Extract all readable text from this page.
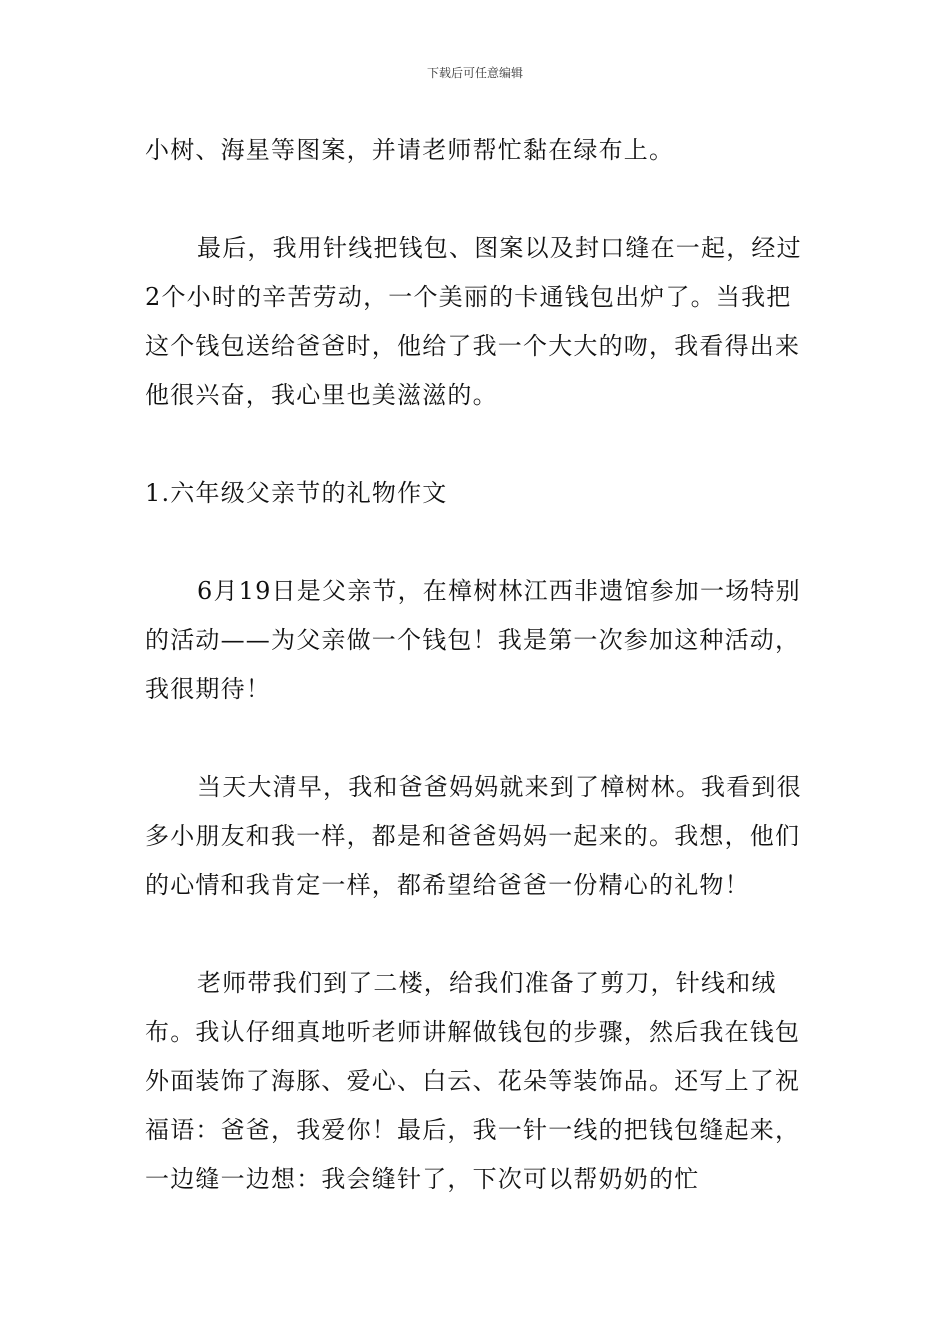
下载后可任意编辑

小树、海星等图案，并请老师帮忙黏在绿布上。

最后，我用针线把钱包、图案以及封口缝在一起，经过2个小时的辛苦劳动，一个美丽的卡通钱包出炉了。当我把这个钱包送给爸爸时，他给了我一个大大的吻，我看得出来他很兴奋，我心里也美滋滋的。

1.六年级父亲节的礼物作文

6月19日是父亲节，在樟树林江西非遗馆参加一场特别的活动——为父亲做一个钱包！我是第一次参加这种活动，我很期待！

当天大清早，我和爸爸妈妈就来到了樟树林。我看到很多小朋友和我一样，都是和爸爸妈妈一起来的。我想，他们的心情和我肯定一样，都希望给爸爸一份精心的礼物！

老师带我们到了二楼，给我们准备了剪刀，针线和绒布。我认仔细真地听老师讲解做钱包的步骤，然后我在钱包外面装饰了海豚、爱心、白云、花朵等装饰品。还写上了祝福语：爸爸，我爱你！最后，我一针一线的把钱包缝起来，一边缝一边想：我会缝针了，下次可以帮奶奶的忙
